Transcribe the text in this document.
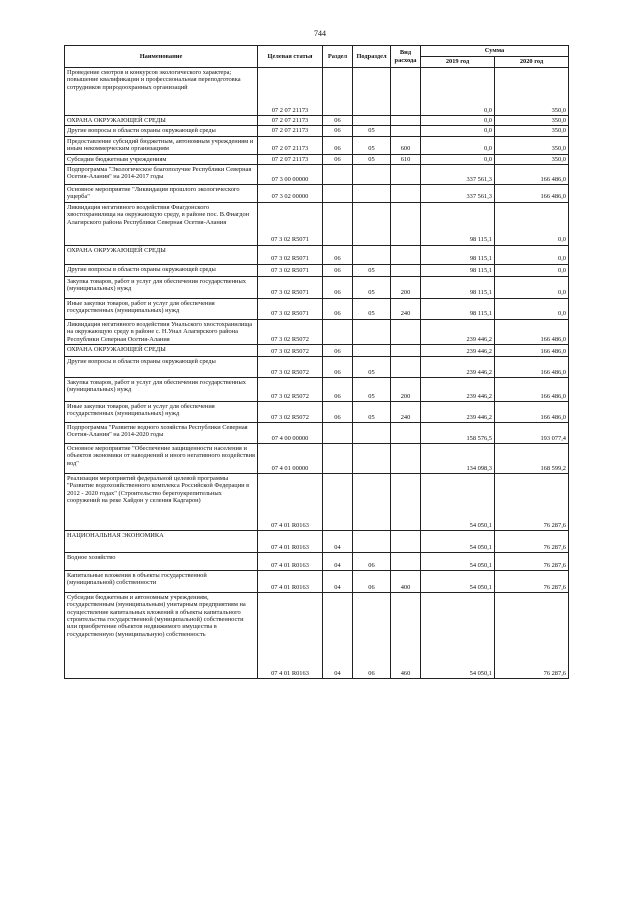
744
Наименование	Целевая статья	Раздел	Подраздел	Вид расхода	Сумма	
					2019 год	2020 год
Проведение смотров и конкурсов экологического характера; повышение квалификации и профессиональная переподготовка сотрудников природоохранных организаций	07 2 07 21173				0,0	350,0
ОХРАНА ОКРУЖАЮЩЕЙ СРЕДЫ	07 2 07 21173	06			0,0	350,0
Другие вопросы в области охраны окружающей среды	07 2 07 21173	06	05		0,0	350,0
Предоставление субсидий бюджетным, автономным учреждениям и иным некоммерческим организациям	07 2 07 21173	06	05	600	0,0	350,0
Субсидии бюджетным учреждениям	07 2 07 21173	06	05	610	0,0	350,0
Подпрограмма "Экологическое благополучие Республики Северная Осетия-Алания" на 2014-2017 годы	07 3 00 00000				337 561,3	166 486,0
Основное мероприятие "Ликвидация прошлого экологического ущерба"	07 3 02 00000				337 561,3	166 486,0
Ликвидация негативного воздействия Фиагдонского хвостохранилища на окружающую среду, в районе пос. В.Фиагдон Алагирского района Республики Северная Осетия-Алания	07 3 02 R5071				98 115,1	0,0
ОХРАНА ОКРУЖАЮЩЕЙ СРЕДЫ	07 3 02 R5071	06			98 115,1	0,0
Другие вопросы в области охраны окружающей среды	07 3 02 R5071	06	05		98 115,1	0,0
Закупка товаров, работ и услуг для обеспечения государственных (муниципальных) нужд	07 3 02 R5071	06	05	200	98 115,1	0,0
Иные закупки товаров, работ и услуг для обеспечения государственных (муниципальных) нужд	07 3 02 R5071	06	05	240	98 115,1	0,0
Ликвидация негативного воздействия Унальского хвостохранилища на окружающую среду в районе с. Н.Унал Алагирского района Республики Северная Осетия-Алания	07 3 02 R5072				239 446,2	166 486,0
ОХРАНА ОКРУЖАЮЩЕЙ СРЕДЫ	07 3 02 R5072	06			239 446,2	166 486,0
Другие вопросы в области охраны окружающей среды	07 3 02 R5072	06	05		239 446,2	166 486,0
Закупка товаров, работ и услуг для обеспечения государственных (муниципальных) нужд	07 3 02 R5072	06	05	200	239 446,2	166 486,0
Иные закупки товаров, работ и услуг для обеспечения государственных (муниципальных) нужд	07 3 02 R5072	06	05	240	239 446,2	166 486,0
Подпрограмма "Развитие водного хозяйства Республики Северная Осетия-Алания" на 2014-2020 годы	07 4 00 00000				158 576,5	193 077,4
Основное мероприятие "Обеспечение защищенности населения и объектов экономики от наводнений и иного негативного воздействия вод"	07 4 01 00000				134 098,3	168 599,2
Реализация мероприятий федеральной целевой программы "Развитие водохозяйственного комплекса Российской Федерации в 2012 - 2020 годах" (Строительство берегоукрепительных сооружений на реке Хайдон у селения Кадгарон)	07 4 01 R0163				54 050,1	76 287,6
НАЦИОНАЛЬНАЯ ЭКОНОМИКА	07 4 01 R0163	04			54 050,1	76 287,6
Водное хозяйство	07 4 01 R0163	04	06		54 050,1	76 287,6
Капитальные вложения в объекты государственной (муниципальной) собственности	07 4 01 R0163	04	06	400	54 050,1	76 287,6
Субсидии бюджетным и автономным учреждениям, государственным (муниципальным) унитарным предприятиям на осуществление капитальных вложений в объекты капитального строительства государственной (муниципальной) собственности или приобретение объектов недвижимого имущества в государственную (муниципальную) собственность	07 4 01 R0163	04	06	460	54 050,1	76 287,6
